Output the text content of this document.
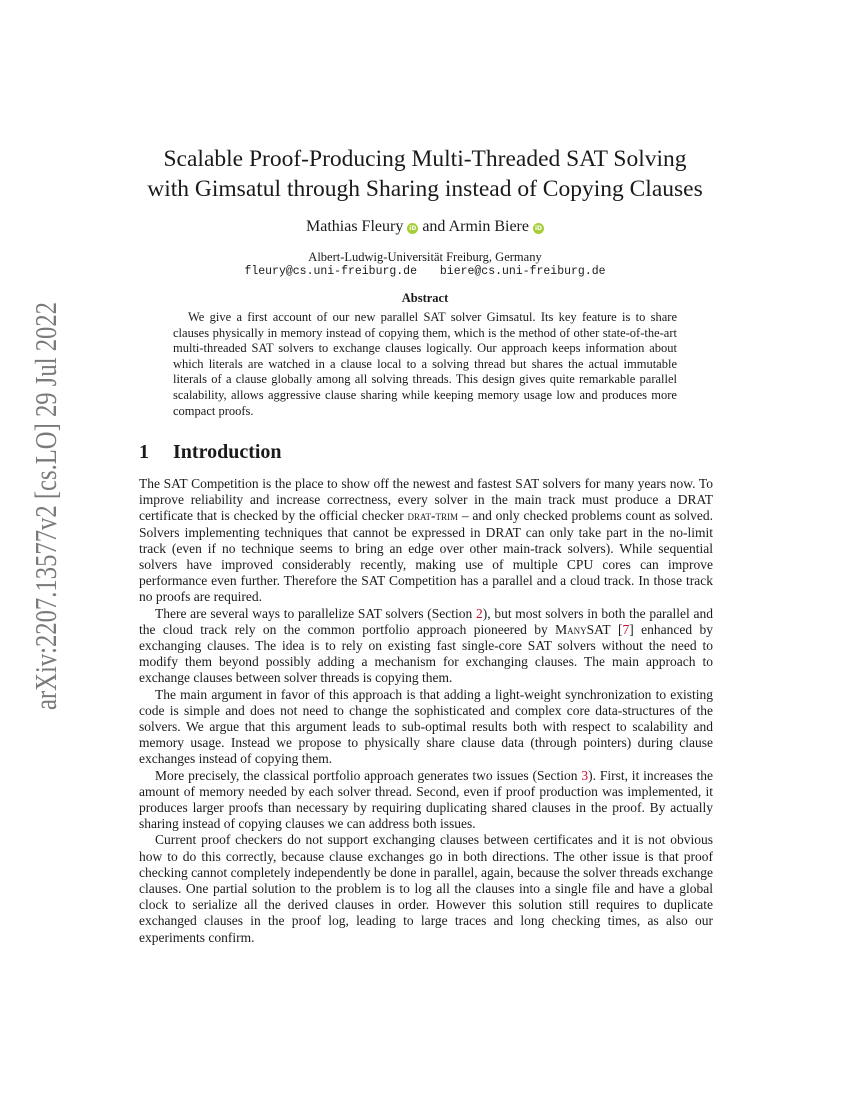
arXiv:2207.13577v2 [cs.LO] 29 Jul 2022
Scalable Proof-Producing Multi-Threaded SAT Solving
with Gimsatul through Sharing instead of Copying Clauses
Mathias Fleury iD and Armin Biere iD
Albert-Ludwig-Universität Freiburg, Germany
fleury@cs.uni-freiburg.de biere@cs.uni-freiburg.de
Abstract

We give a first account of our new parallel SAT solver Gimsatul. Its key feature is to share clauses physically in memory instead of copying them, which is the method of other state-of-the-art multi-threaded SAT solvers to exchange clauses logically. Our approach keeps information about which literals are watched in a clause local to a solving thread but shares the actual immutable literals of a clause globally among all solving threads. This design gives quite remarkable parallel scalability, allows aggressive clause sharing while keeping memory usage low and produces more compact proofs.

1 Introduction

The SAT Competition is the place to show off the newest and fastest SAT solvers for many years now. To improve reliability and increase correctness, every solver in the main track must produce a DRAT certificate that is checked by the official checker drat-trim – and only checked problems count as solved. Solvers implementing techniques that cannot be expressed in DRAT can only take part in the no-limit track (even if no technique seems to bring an edge over other main-track solvers). While sequential solvers have improved considerably recently, making use of multiple CPU cores can improve performance even further. Therefore the SAT Competition has a parallel and a cloud track. In those track no proofs are required.

There are several ways to parallelize SAT solvers (Section 2), but most solvers in both the parallel and the cloud track rely on the common portfolio approach pioneered by ManySAT [7] enhanced by exchanging clauses. The idea is to rely on existing fast single-core SAT solvers without the need to modify them beyond possibly adding a mechanism for exchanging clauses. The main approach to exchange clauses between solver threads is copying them.

The main argument in favor of this approach is that adding a light-weight synchronization to existing code is simple and does not need to change the sophisticated and complex core data-structures of the solvers. We argue that this argument leads to sub-optimal results both with respect to scalability and memory usage. Instead we propose to physically share clause data (through pointers) during clause exchanges instead of copying them.

More precisely, the classical portfolio approach generates two issues (Section 3). First, it increases the amount of memory needed by each solver thread. Second, even if proof production was implemented, it produces larger proofs than necessary by requiring duplicating shared clauses in the proof. By actually sharing instead of copying clauses we can address both issues.

Current proof checkers do not support exchanging clauses between certificates and it is not obvious how to do this correctly, because clause exchanges go in both directions. The other issue is that proof checking cannot completely independently be done in parallel, again, because the solver threads exchange clauses. One partial solution to the problem is to log all the clauses into a single file and have a global clock to serialize all the derived clauses in order. However this solution still requires to duplicate exchanged clauses in the proof log, leading to large traces and long checking times, as also our experiments confirm.
